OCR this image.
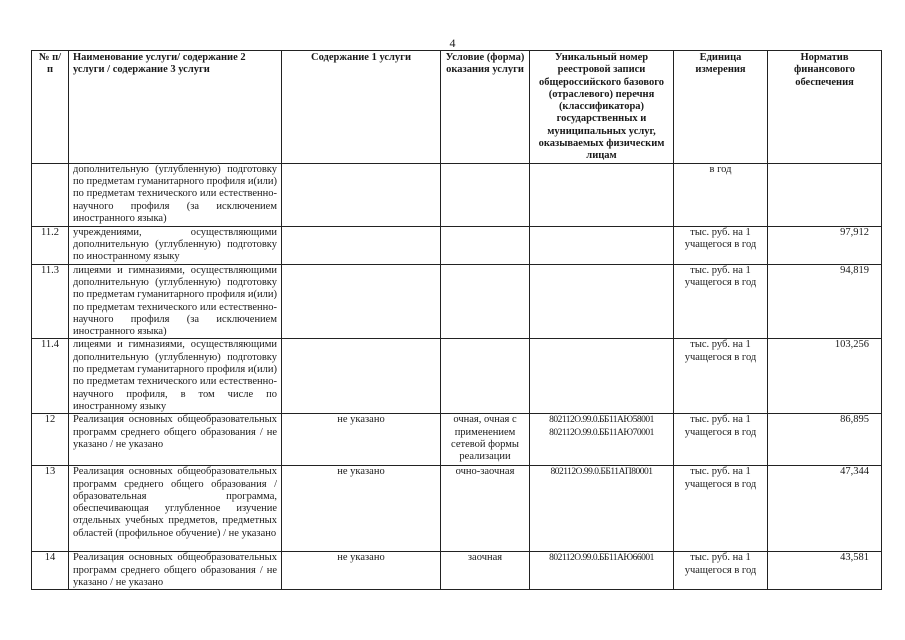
4
№ п/п	Наименование услуги/ содержание 2 услуги / содержание 3 услуги	Содержание 1 услуги	Условие (форма) оказания услуги	Уникальный номер реестровой записи общероссийского базового (отраслевого) перечня (классификатора) государственных и муниципальных услуг, оказываемых физическим лицам	Единица измерения	Норматив финансового обеспечения
	дополнительную (углубленную) подготовку по предметам гуманитарного профиля и(или) по предметам технического или естественно-научного профиля (за исключением иностранного языка)				в год	
11.2	учреждениями, осуществляющими дополнительную (углубленную) подготовку по иностранному языку				тыс. руб. на 1 учащегося в год	97,912
11.3	лицеями и гимназиями, осуществляющими дополнительную (углубленную) подготовку по предметам гуманитарного профиля и(или) по предметам технического или естественно-научного профиля (за исключением иностранного языка)				тыс. руб. на 1 учащегося в год	94,819
11.4	лицеями и гимназиями, осуществляющими дополнительную (углубленную) подготовку по предметам гуманитарного профиля и(или) по предметам технического или естественно-научного профиля, в том числе по иностранному языку				тыс. руб. на 1 учащегося в год	103,256
12	Реализация основных общеобразовательных программ среднего общего образования / не указано / не указано	не указано	очная, очная с применением сетевой формы реализации	802112О.99.0.ББ11АЮ58001 802112О.99.0.ББ11АЮ70001	тыс. руб. на 1 учащегося в год	86,895
13	Реализация основных общеобразовательных программ среднего общего образования / образовательная программа, обеспечивающая углубленное изучение отдельных учебных предметов, предметных областей (профильное обучение) / не указано	не указано	очно-заочная	802112О.99.0.ББ11АП80001	тыс. руб. на 1 учащегося в год	47,344
14	Реализация основных общеобразовательных программ среднего общего образования / не указано / не указано	не указано	заочная	802112О.99.0.ББ11АЮ66001	тыс. руб. на 1 учащегося в год	43,581
